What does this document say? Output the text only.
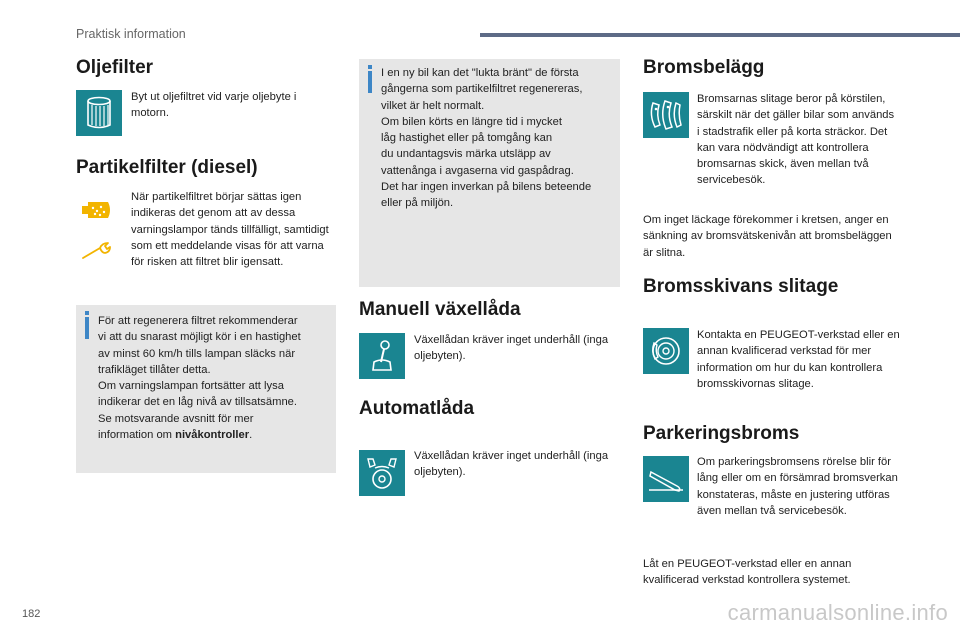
Praktisk information
Oljefilter
Byt ut oljefiltret vid varje oljebyte i motorn.
Partikelfilter (diesel)
När partikelfiltret börjar sättas igen indikeras det genom att av dessa varningslampor tänds tillfälligt, samtidigt som ett meddelande visas för att varna för risken att filtret blir igensatt.
För att regenerera filtret rekommenderar
vi att du snarast möjligt kör i en hastighet
av minst 60 km/h tills lampan släcks när
trafikläget tillåter detta.
Om varningslampan fortsätter att lysa
indikerar det en låg nivå av tillsatsämne.
Se motsvarande avsnitt för mer
information om nivåkontroller.
I en ny bil kan det "lukta bränt" de första
gångerna som partikelfiltret regenereras,
vilket är helt normalt.
Om bilen körts en längre tid i mycket
låg hastighet eller på tomgång kan
du undantagsvis märka utsläpp av
vattenånga i avgaserna vid gaspådrag.
Det har ingen inverkan på bilens beteende
eller på miljön.
Manuell växellåda
Växellådan kräver inget underhåll (inga oljebyten).
Automatlåda
Växellådan kräver inget underhåll (inga oljebyten).
Bromsbelägg
Bromsarnas slitage beror på körstilen, särskilt när det gäller bilar som används i stadstrafik eller på korta sträckor. Det kan vara nödvändigt att kontrollera bromsarnas skick, även mellan två servicebesök.
Om inget läckage förekommer i kretsen, anger en sänkning av bromsvätskenivån att bromsbeläggen är slitna.
Bromsskivans slitage
Kontakta en PEUGEOT-verkstad eller en annan kvalificerad verkstad för mer information om hur du kan kontrollera bromsskivornas slitage.
Parkeringsbroms
Om parkeringsbromsens rörelse blir för lång eller om en försämrad bromsverkan konstateras, måste en justering utföras även mellan två servicebesök.
Låt en PEUGEOT-verkstad eller en annan kvalificerad verkstad kontrollera systemet.
182	carmanualsonline.info
